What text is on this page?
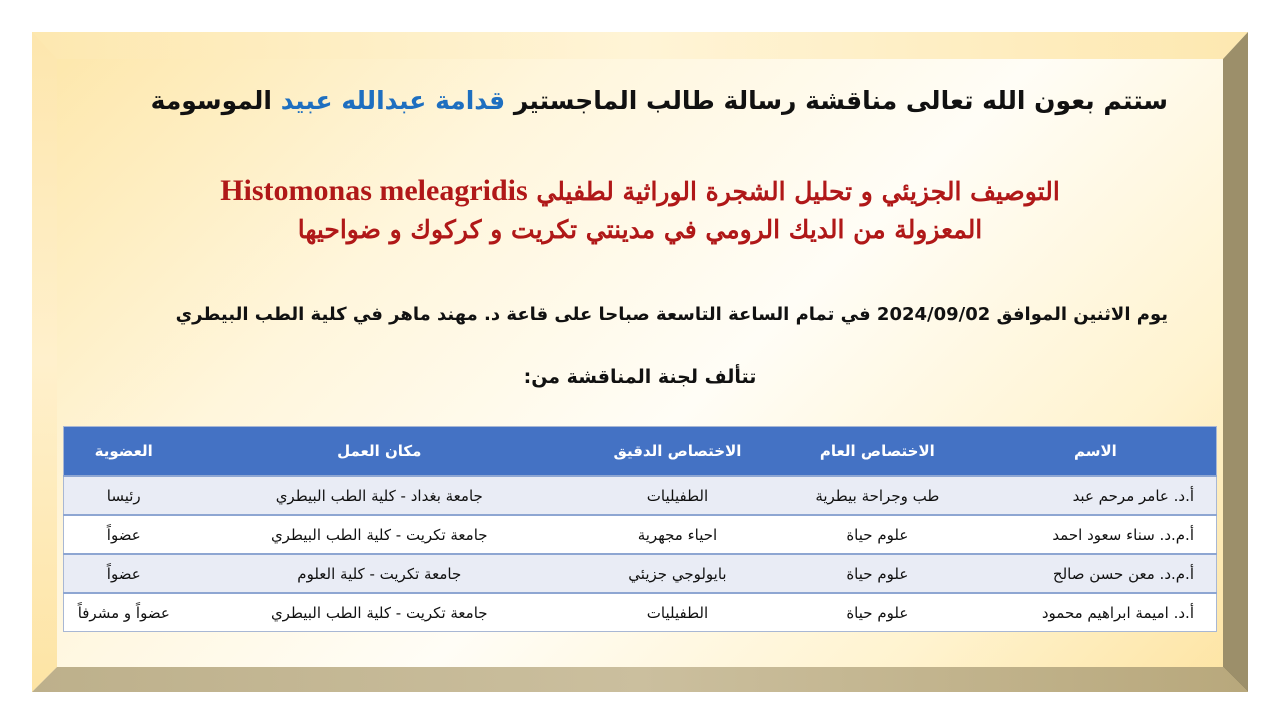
ستتم بعون الله تعالى مناقشة رسالة طالب الماجستير قدامة عبدالله عبيد الموسومة
التوصيف الجزيئي و تحليل الشجرة الوراثية لطفيلي Histomonas meleagridis
المعزولة من الديك الرومي في مدينتي تكريت و كركوك و ضواحيها
يوم الاثنين الموافق 2024/09/02 في تمام الساعة التاسعة صباحا على قاعة د. مهند ماهر في كلية الطب البيطري
تتألف لجنة المناقشة من:
الاسم	الاختصاص العام	الاختصاص الدقيق	مكان العمل	العضوية
أ.د. عامر مرحم عبد	طب وجراحة بيطرية	الطفيليات	جامعة بغداد - كلية الطب البيطري	رئيسا
أ.م.د. سناء سعود احمد	علوم حياة	احياء مجهرية	جامعة تكريت - كلية الطب البيطري	عضواً
أ.م.د. معن حسن صالح	علوم حياة	بايولوجي جزيئي	جامعة تكريت - كلية العلوم	عضواً
أ.د. اميمة ابراهيم محمود	علوم حياة	الطفيليات	جامعة تكريت - كلية الطب البيطري	عضواً و مشرفاً
